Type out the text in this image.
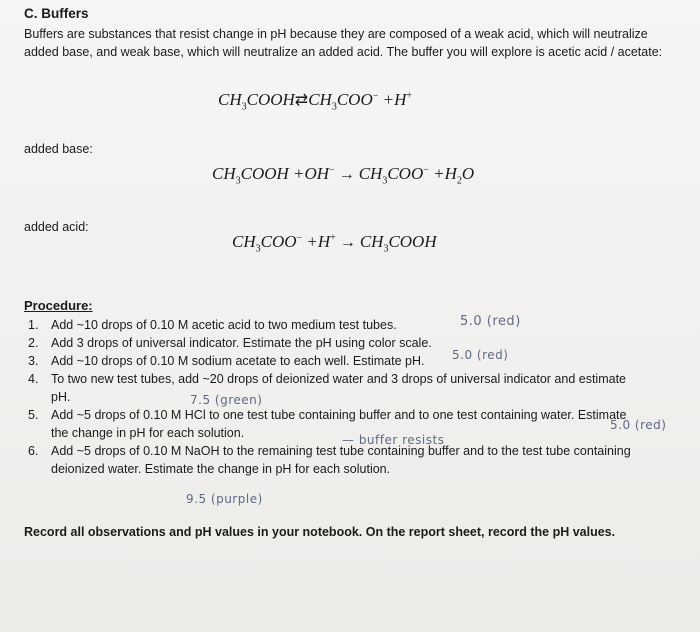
C. Buffers
Buffers are substances that resist change in pH because they are composed of a weak acid, which will neutralize added base, and weak base, which will neutralize an added acid. The buffer you will explore is acetic acid / acetate:
$CH_3COOH⇄CH_3COO^- +H^+$
added base:
$CH_3COOH +OH^- \to CH_3COO^- +H_2O$
added acid:
$CH_3COO^- +H^+$ → $CH_3COOH$
Procedure:

1. Add ~10 drops of 0.10 M acetic acid to two medium test tubes.

2. Add 3 drops of universal indicator. Estimate the pH using color scale.

3. Add ~10 drops of 0.10 M sodium acetate to each well. Estimate pH.

4. To two new test tubes, add ~20 drops of deionized water and 3 drops of universal indicator and estimate pH.

5. Add ~5 drops of 0.10 M HCl to one test tube containing buffer and to one test containing water. Estimate the change in pH for each solution.

6. Add ~5 drops of 0.10 M NaOH to the remaining test tube containing buffer and to the test tube containing deionized water. Estimate the change in pH for each solution.

5.0 (red)
5.0 (red)
7.5 (green)
5.0 (red)
— buffer resists
9.5 (purple)
Record all observations and pH values in your notebook. On the report sheet, record the pH values.
